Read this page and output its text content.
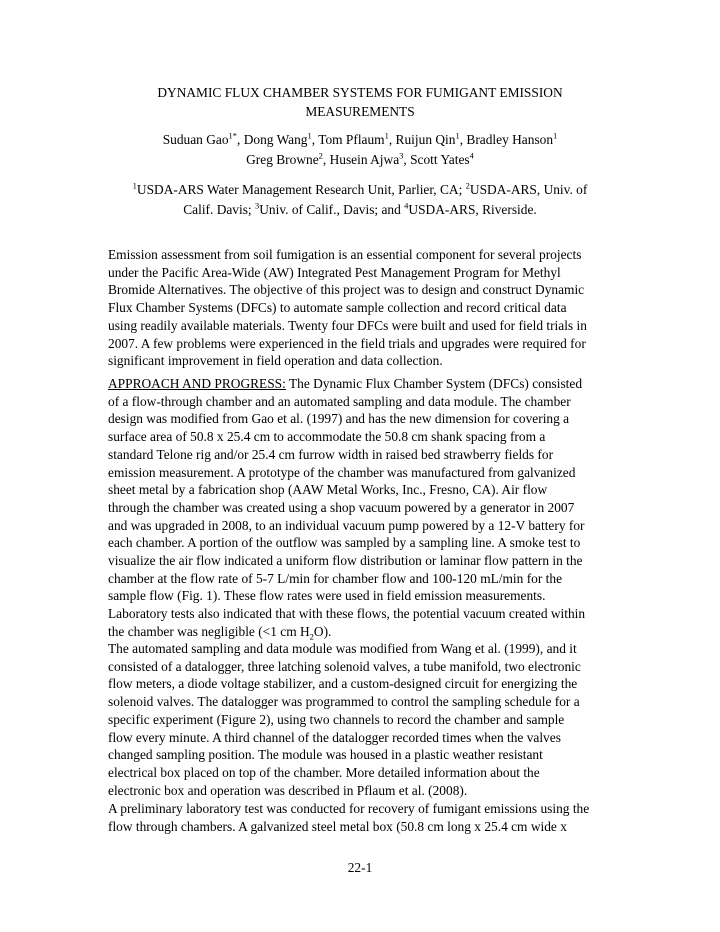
DYNAMIC FLUX CHAMBER SYSTEMS FOR FUMIGANT EMISSION
MEASUREMENTS
Suduan Gao$^{1*}$, Dong Wang$^1$, Tom Pflaum$^1$, Ruijun Qin$^1$, Bradley Hanson$^1$
Greg Browne$^2$, Husein Ajwa$^3$, Scott Yates$^4$
$^1$USDA-ARS Water Management Research Unit, Parlier, CA; $^2$USDA-ARS, Univ. of
Calif. Davis; $^3$Univ. of Calif., Davis; and $^4$USDA-ARS, Riverside.
Emission assessment from soil fumigation is an essential component for several projects
under the Pacific Area-Wide (AW) Integrated Pest Management Program for Methyl
Bromide Alternatives. The objective of this project was to design and construct Dynamic
Flux Chamber Systems (DFCs) to automate sample collection and record critical data
using readily available materials. Twenty four DFCs were built and used for field trials in
2007. A few problems were experienced in the field trials and upgrades were required for
significant improvement in field operation and data collection.
APPROACH AND PROGRESS: The Dynamic Flux Chamber System (DFCs) consisted
of a flow-through chamber and an automated sampling and data module. The chamber
design was modified from Gao et al. (1997) and has the new dimension for covering a
surface area of 50.8 x 25.4 cm to accommodate the 50.8 cm shank spacing from a
standard Telone rig and/or 25.4 cm furrow width in raised bed strawberry fields for
emission measurement. A prototype of the chamber was manufactured from galvanized
sheet metal by a fabrication shop (AAW Metal Works, Inc., Fresno, CA). Air flow
through the chamber was created using a shop vacuum powered by a generator in 2007
and was upgraded in 2008, to an individual vacuum pump powered by a 12-V battery for
each chamber. A portion of the outflow was sampled by a sampling line. A smoke test to
visualize the air flow indicated a uniform flow distribution or laminar flow pattern in the
chamber at the flow rate of 5-7 L/min for chamber flow and 100-120 mL/min for the
sample flow (Fig. 1). These flow rates were used in field emission measurements.
Laboratory tests also indicated that with these flows, the potential vacuum created within
the chamber was negligible (<1 cm $H_2O$).
The automated sampling and data module was modified from Wang et al. (1999), and it
consisted of a datalogger, three latching solenoid valves, a tube manifold, two electronic
flow meters, a diode voltage stabilizer, and a custom-designed circuit for energizing the
solenoid valves. The datalogger was programmed to control the sampling schedule for a
specific experiment (Figure 2), using two channels to record the chamber and sample
flow every minute. A third channel of the datalogger recorded times when the valves
changed sampling position. The module was housed in a plastic weather resistant
electrical box placed on top of the chamber. More detailed information about the
electronic box and operation was described in Pflaum et al. (2008).
A preliminary laboratory test was conducted for recovery of fumigant emissions using the
flow through chambers. A galvanized steel metal box (50.8 cm long x 25.4 cm wide x
22-1
